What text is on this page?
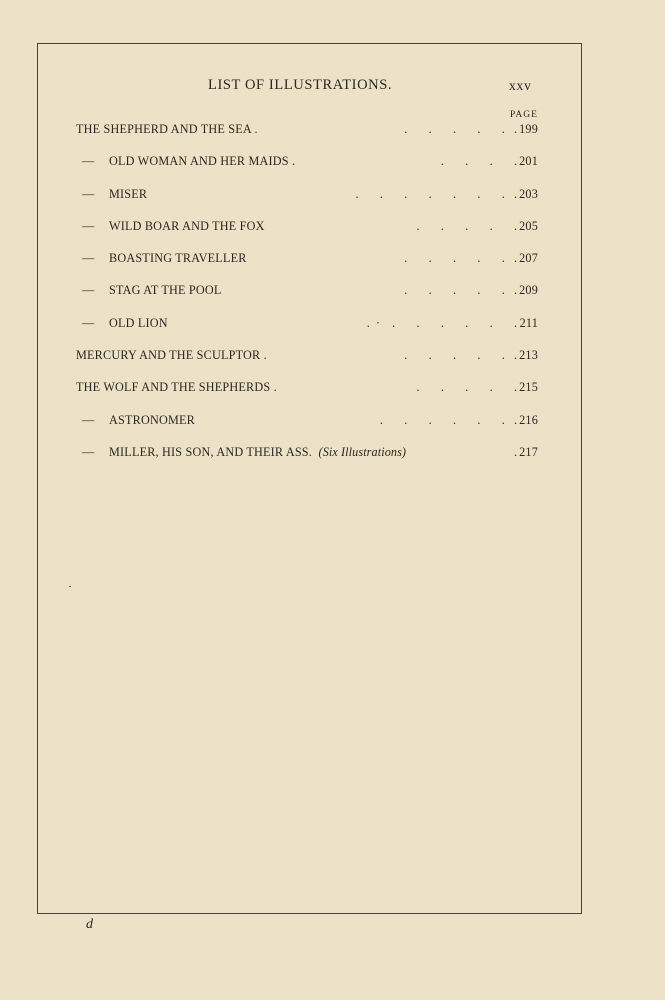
LIST OF ILLUSTRATIONS.	xxv
PAGE
THE SHEPHERD AND THE SEA .	.       .       .       .       .   . 199
— OLD WOMAN AND HER MAIDS .	.       .       .       . 201
— MISER	.       .       .       .       .       .       .   . 203
— WILD BOAR AND THE FOX	.       .       .       .       . 205
— BOASTING TRAVELLER	.       .       .       .       .   . 207
— STAG AT THE POOL	.       .       .       .       .   . 209
— OLD LION	.  ·    .       .       .       .       .       . 211
MERCURY AND THE SCULPTOR .	.       .       .       .       .   . 213
THE WOLF AND THE SHEPHERDS .	.       .       .       .       . 215
— ASTRONOMER	.       .       .       .       .       .   . 216
— MILLER, HIS SON, AND THEIR ASS. (Six Illustrations)	. 217
d
